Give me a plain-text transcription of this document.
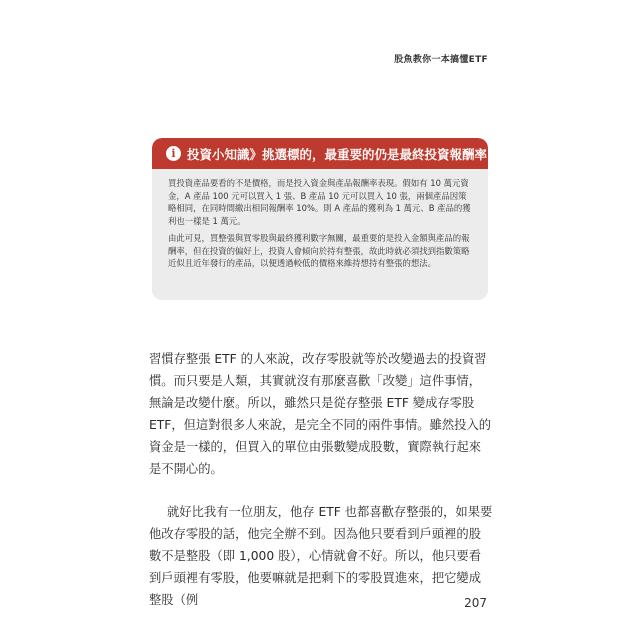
股魚教你一本搞懂ETF
i 投資小知識》挑選標的，最重要的仍是最終投資報酬率

買投資產品要看的不是價格，而是投入資金與產品報酬率表現。假如有 10 萬元資金，A 產品 100 元可以買入 1 張、B 產品 10 元可以買入 10 張，兩個產品因策略相同，在同時間繳出相同報酬率 10%。則 A 產品的獲利為 1 萬元、B 產品的獲利也一樣是 1 萬元。

由此可見，買整張與買零股與最終獲利數字無關，最重要的是投入金額與產品的報酬率，但在投資的偏好上，投資人會傾向於持有整張，故此時就必須找到指數策略近似且近年發行的產品，以便透過較低的價格來維持想持有整張的想法。

習慣存整張 ETF 的人來說，改存零股就等於改變過去的投資習慣。而只要是人類，其實就沒有那麼喜歡「改變」這件事情，無論是改變什麼。所以，雖然只是從存整張 ETF 變成存零股 ETF，但這對很多人來說，是完全不同的兩件事情。雖然投入的資金是一樣的，但買入的單位由張數變成股數，實際執行起來是不開心的。

就好比我有一位朋友，他存 ETF 也都喜歡存整張的，如果要他改存零股的話，他完全辦不到。因為他只要看到戶頭裡的股數不是整股（即 1,000 股），心情就會不好。所以，他只要看到戶頭裡有零股，他要嘛就是把剩下的零股買進來，把它變成整股（例	207
